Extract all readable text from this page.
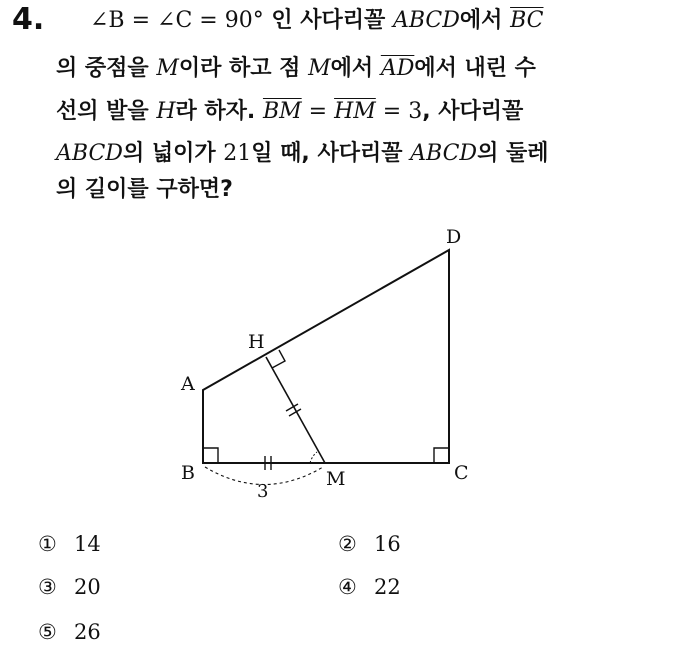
4. ∠B = ∠C = 90° 인 사다리꼴 ABCD에서 $\overline{BC}$
의 중점을 M이라 하고 점 M에서 $\overline{AD}$에서 내린 수
선의 발을 H라 하자. $\overline{BM} = \overline{HM} = 3$, 사다리꼴
ABCD의 넓이가 21일 때, 사다리꼴 ABCD의 둘레
의 길이를 구하면?
A
B	C
D
H
M
3
① 14	② 16
③ 20	④ 22
⑤ 26
